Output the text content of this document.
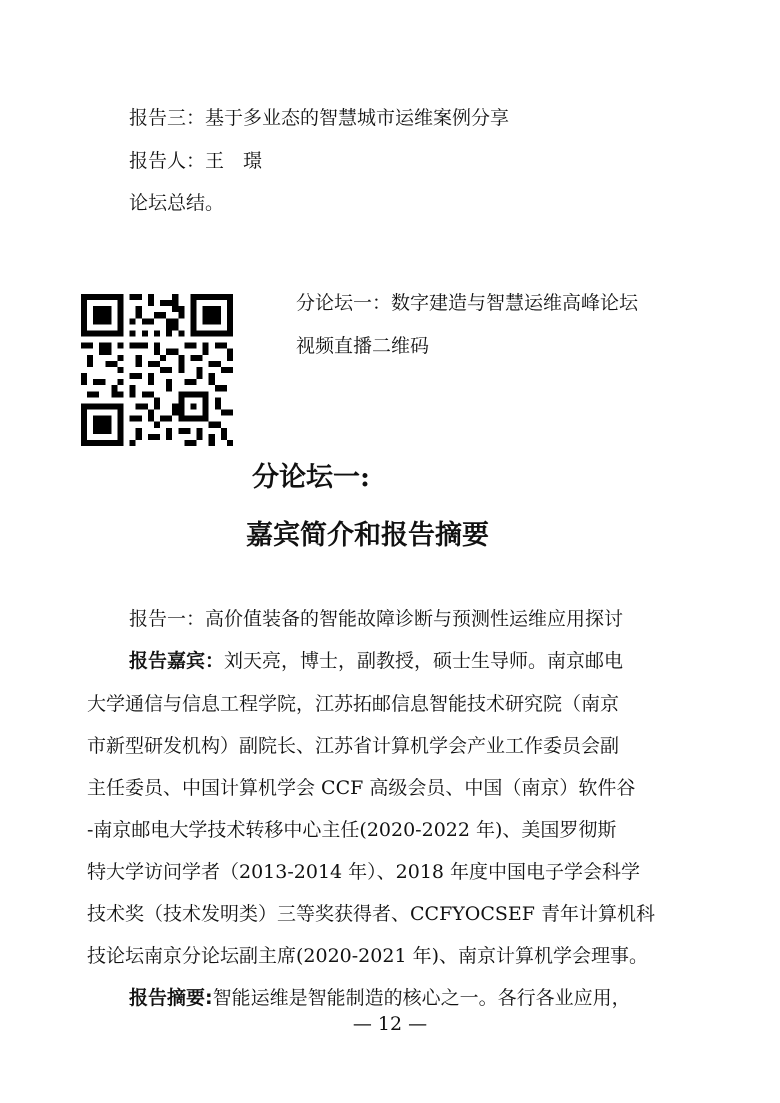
报告三：基于多业态的智慧城市运维案例分享
报告人：王　璟
论坛总结。
分论坛一：数字建造与智慧运维高峰论坛
视频直播二维码
分论坛一:
嘉宾简介和报告摘要
报告一：高价值装备的智能故障诊断与预测性运维应用探讨
报告嘉宾：刘天亮，博士，副教授，硕士生导师。南京邮电
大学通信与信息工程学院，江苏拓邮信息智能技术研究院（南京
市新型研发机构）副院长、江苏省计算机学会产业工作委员会副
主任委员、中国计算机学会 CCF 高级会员、中国（南京）软件谷
-南京邮电大学技术转移中心主任(2020-2022 年)、美国罗彻斯
特大学访问学者（2013-2014 年）、2018 年度中国电子学会科学
技术奖（技术发明类）三等奖获得者、CCFYOCSEF 青年计算机科
技论坛南京分论坛副主席(2020-2021 年)、南京计算机学会理事。
报告摘要:智能运维是智能制造的核心之一。各行各业应用，
— 12 —
